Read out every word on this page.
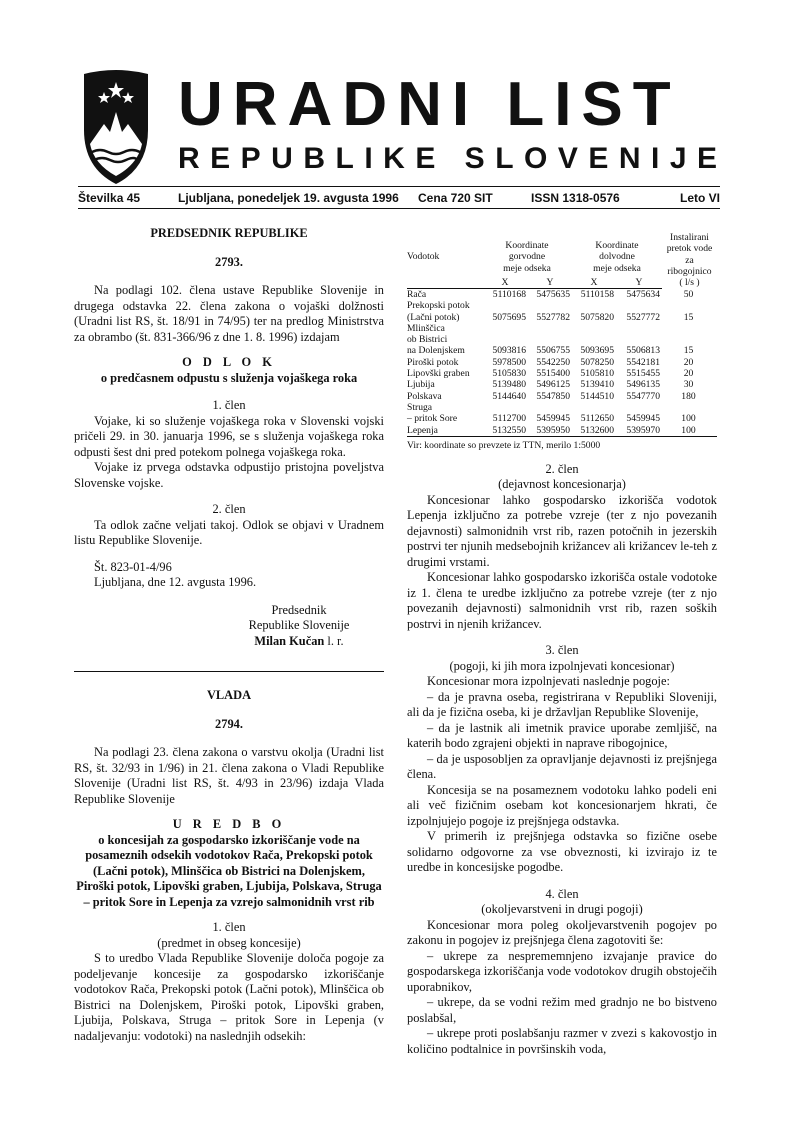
URADNI LIST
REPUBLIKE SLOVENIJE
Številka 45	Ljubljana, ponedeljek 19. avgusta 1996 Cena 720 SIT	ISSN 1318-0576	Leto VI

PREDSEDNIK REPUBLIKE

2793.

Na podlagi 102. člena ustave Republike Slovenije in drugega odstavka 22. člena zakona o vojaški dolžnosti (Uradni list RS, št. 18/91 in 74/95) ter na predlog Ministrstva za obrambo (št. 831-366/96 z dne 1. 8. 1996) izdajam

O D L O K

o predčasnem odpustu s služenja vojaškega roka

1. člen

Vojake, ki so služenje vojaškega roka v Slovenski vojski pričeli 29. in 30. januarja 1996, se s služenja vojaškega roka odpusti šest dni pred potekom polnega vojaškega roka.

Vojake iz prvega odstavka odpustijo pristojna poveljstva Slovenske vojske.

2. člen

Ta odlok začne veljati takoj. Odlok se objavi v Uradnem listu Republike Slovenije.

Št. 823-01-4/96

Ljubljana, dne 12. avgusta 1996.

Predsednik
Republike Slovenije
Milan Kučan l. r.

VLADA

2794.

Na podlagi 23. člena zakona o varstvu okolja (Uradni list RS, št. 32/93 in 1/96) in 21. člena zakona o Vladi Republike Slovenije (Uradni list RS, št. 4/93 in 23/96) izdaja Vlada Republike Slovenije

U R E D B O

o koncesijah za gospodarsko izkoriščanje vode na posameznih odsekih vodotokov Rača, Prekopski potok (Lačni potok), Mlinščica ob Bistrici na Dolenjskem, Piroški potok, Lipovški graben, Ljubija, Polskava, Struga – pritok Sore in Lepenja za vzrejo salmonidnih vrst rib

1. člen

(predmet in obseg koncesije)

S to uredbo Vlada Republike Slovenije določa pogoje za podeljevanje koncesije za gospodarsko izkoriščanje vodotokov Rača, Prekopski potok (Lačni potok), Mlinščica ob Bistrici na Dolenjskem, Piroški potok, Lipovški graben, Ljubija, Polskava, Struga – pritok Sore in Lepenja (v nadaljevanju: vodotoki) na naslednjih odsekih:

Vodotok	Koordinate
gorvodne
meje odseka		Koordinate
dolvodne
meje odseka		Instalirani
pretok vode
za ribogojnico
( l/s )
	X	Y	X	Y	
Rača	5110168	5475635	5110158	5475634	50
Prekopski potok					
(Lačni potok)	5075695	5527782	5075820	5527772	15
Mlinščica					
ob Bistrici					
na Dolenjskem	5093816	5506755	5093695	5506813	15
Piroški potok	5978500	5542250	5078250	5542181	20
Lipovški graben	5105830	5515400	5105810	5515455	20
Ljubija	5139480	5496125	5139410	5496135	30
Polskava	5144640	5547850	5144510	5547770	180
Struga					
– pritok Sore	5112700	5459945	5112650	5459945	100
Lepenja	5132550	5395950	5132600	5395970	100
Vir: koordinate so prevzete iz TTN, merilo 1:5000

2. člen

(dejavnost koncesionarja)

Koncesionar lahko gospodarsko izkorišča vodotok Lepenja izključno za potrebe vzreje (ter z njo povezanih dejavnosti) salmonidnih vrst rib, razen potočnih in jezerskih postrvi ter njunih medsebojnih križancev ali križancev le-teh z drugimi vrstami.

Koncesionar lahko gospodarsko izkorišča ostale vodotoke iz 1. člena te uredbe izključno za potrebe vzreje (ter z njo povezanih dejavnosti) salmonidnih vrst rib, razen soških postrvi in njenih križancev.

3. člen

(pogoji, ki jih mora izpolnjevati koncesionar)

Koncesionar mora izpolnjevati naslednje pogoje:

– da je pravna oseba, registrirana v Republiki Sloveniji, ali da je fizična oseba, ki je državljan Republike Slovenije,

– da je lastnik ali imetnik pravice uporabe zemljišč, na katerih bodo zgrajeni objekti in naprave ribogojnice,

– da je usposobljen za opravljanje dejavnosti iz prejšnjega člena.

Koncesija se na posameznem vodotoku lahko podeli eni ali več fizičnim osebam kot koncesionarjem hkrati, če izpolnjujejo pogoje iz prejšnjega odstavka.

V primerih iz prejšnjega odstavka so fizične osebe solidarno odgovorne za vse obveznosti, ki izvirajo iz te uredbe in koncesijske pogodbe.

4. člen

(okoljevarstveni in drugi pogoji)

Koncesionar mora poleg okoljevarstvenih pogojev po zakonu in pogojev iz prejšnjega člena zagotoviti še:

– ukrepe za nesprememnjeno izvajanje pravice do gospodarskega izkoriščanja vode vodotokov drugih obstoječih uporabnikov,

– ukrepe, da se vodni režim med gradnjo ne bo bistveno poslabšal,

– ukrepe proti poslabšanju razmer v zvezi s kakovostjo in količino podtalnice in površinskih voda,
